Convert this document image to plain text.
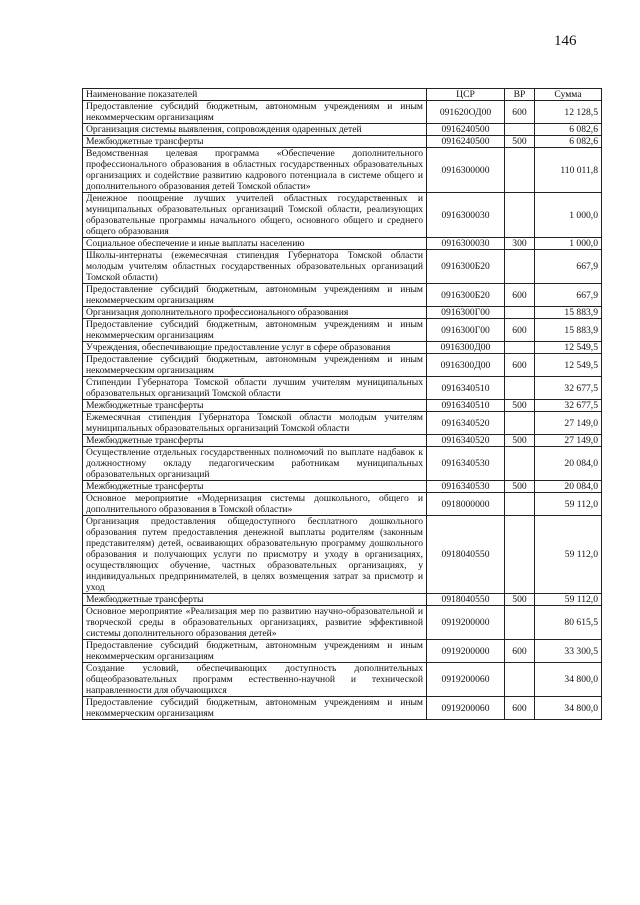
146
Наименование показателей	ЦСР	ВР	Сумма
Предоставление субсидий бюджетным, автономным учреждениям и иным некоммерческим организациям	091620ОД00	600	12 128,5
Организация системы выявления, сопровождения одаренных детей	0916240500		6 082,6
Межбюджетные трансферты	0916240500	500	6 082,6
Ведомственная целевая программа «Обеспечение дополнительного профессионального образования в областных государственных образовательных организациях и содействие развитию кадрового потенциала в системе общего и дополнительного образования детей Томской области»	0916300000		110 011,8
Денежное поощрение лучших учителей областных государственных и муниципальных образовательных организаций Томской области, реализующих образовательные программы начального общего, основного общего и среднего общего образования	0916300030		1 000,0
Социальное обеспечение и иные выплаты населению	0916300030	300	1 000,0
Школы-интернаты (ежемесячная стипендия Губернатора Томской области молодым учителям областных государственных образовательных организаций Томской области)	0916300Б20		667,9
Предоставление субсидий бюджетным, автономным учреждениям и иным некоммерческим организациям	0916300Б20	600	667,9
Организация дополнительного профессионального образования	0916300Г00		15 883,9
Предоставление субсидий бюджетным, автономным учреждениям и иным некоммерческим организациям	0916300Г00	600	15 883,9
Учреждения, обеспечивающие предоставление услуг в сфере образования	0916300Д00		12 549,5
Предоставление субсидий бюджетным, автономным учреждениям и иным некоммерческим организациям	0916300Д00	600	12 549,5
Стипендии Губернатора Томской области лучшим учителям муниципальных образовательных организаций Томской области	0916340510		32 677,5
Межбюджетные трансферты	0916340510	500	32 677,5
Ежемесячная стипендия Губернатора Томской области молодым учителям муниципальных образовательных организаций Томской области	0916340520		27 149,0
Межбюджетные трансферты	0916340520	500	27 149,0
Осуществление отдельных государственных полномочий по выплате надбавок к должностному окладу педагогическим работникам муниципальных образовательных организаций	0916340530		20 084,0
Межбюджетные трансферты	0916340530	500	20 084,0
Основное мероприятие «Модернизация системы дошкольного, общего и дополнительного образования в Томской области»	0918000000		59 112,0
Организация предоставления общедоступного бесплатного дошкольного образования путем предоставления денежной выплаты родителям (законным представителям) детей, осваивающих образовательную программу дошкольного образования и получающих услуги по присмотру и уходу в организациях, осуществляющих обучение, частных образовательных организациях, у индивидуальных предпринимателей, в целях возмещения затрат за присмотр и уход	0918040550		59 112,0
Межбюджетные трансферты	0918040550	500	59 112,0
Основное мероприятие «Реализация мер по развитию научно-образовательной и творческой среды в образовательных организациях, развитие эффективной системы дополнительного образования детей»	0919200000		80 615,5
Предоставление субсидий бюджетным, автономным учреждениям и иным некоммерческим организациям	0919200000	600	33 300,5
Создание условий, обеспечивающих доступность дополнительных общеобразовательных программ естественно-научной и технической направленности для обучающихся	0919200060		34 800,0
Предоставление субсидий бюджетным, автономным учреждениям и иным некоммерческим организациям	0919200060	600	34 800,0
